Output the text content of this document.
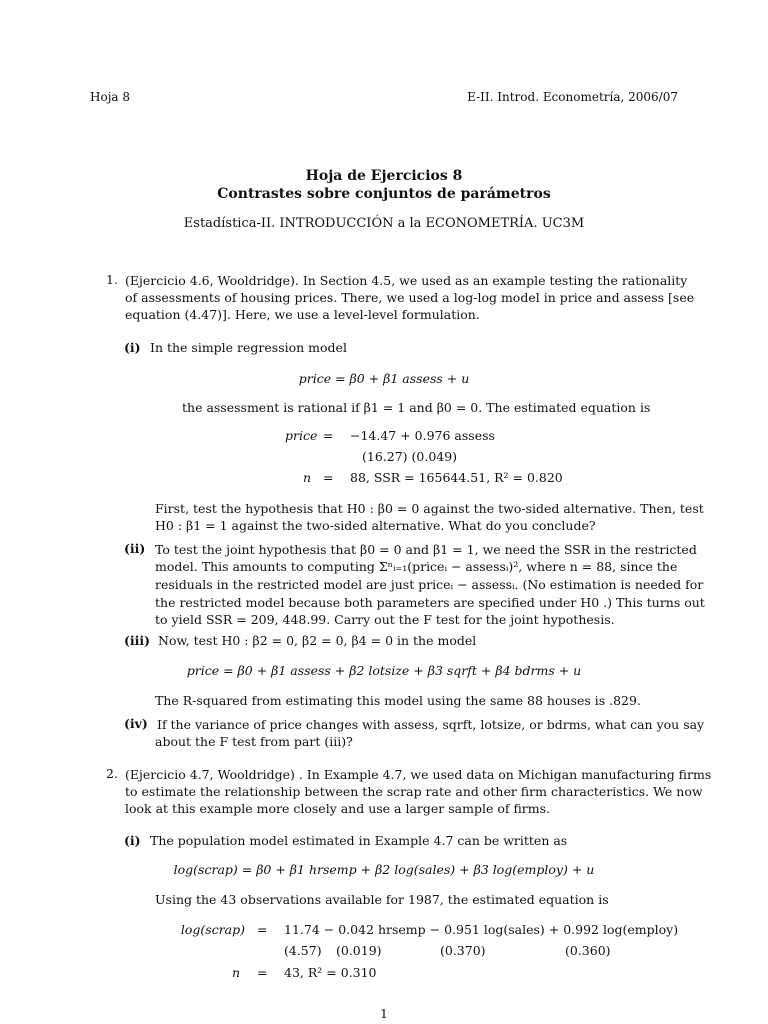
Hoja 8	E-II. Introd. Econometría, 2006/07
Hoja de Ejercicios 8
Contrastes sobre conjuntos de parámetros
Estadística-II. INTRODUCCIÓN a la ECONOMETRÍA. UC3M
1. (Ejercicio 4.6, Wooldridge). In Section 4.5, we used as an example testing the rationality
of assessments of housing prices. There, we used a log-log model in price and assess [see
equation (4.47)]. Here, we use a level-level formulation.
(i) In the simple regression model
price = β0 + β1 assess + u
the assessment is rational if β1 = 1 and β0 = 0. The estimated equation is
price = −14.47 + 0.976 assess
(16.27) (0.049)
n = 88, SSR = 165644.51, R² = 0.820
First, test the hypothesis that H0 : β0 = 0 against the two-sided alternative. Then, test
H0 : β1 = 1 against the two-sided alternative. What do you conclude?
(ii) To test the joint hypothesis that β0 = 0 and β1 = 1, we need the SSR in the restricted
model. This amounts to computing Σⁿᵢ₌₁(priceᵢ − assessᵢ)², where n = 88, since the
residuals in the restricted model are just priceᵢ − assessᵢ. (No estimation is needed for
the restricted model because both parameters are specified under H0 .) This turns out
to yield SSR = 209, 448.99. Carry out the F test for the joint hypothesis.
(iii) Now, test H0 : β2 = 0, β2 = 0, β4 = 0 in the model
price = β0 + β1 assess + β2 lotsize + β3 sqrft + β4 bdrms + u
The R-squared from estimating this model using the same 88 houses is .829.
(iv) If the variance of price changes with assess, sqrft, lotsize, or bdrms, what can you say
about the F test from part (iii)?
2. (Ejercicio 4.7, Wooldridge) . In Example 4.7, we used data on Michigan manufacturing firms
to estimate the relationship between the scrap rate and other firm characteristics. We now
look at this example more closely and use a larger sample of firms.
(i) The population model estimated in Example 4.7 can be written as
log(scrap) = β0 + β1 hrsemp + β2 log(sales) + β3 log(employ) + u
Using the 43 observations available for 1987, the estimated equation is
log(scrap) = 11.74 − 0.042 hrsemp − 0.951 log(sales) + 0.992 log(employ)
(4.57) (0.019)	(0.370)	(0.360)
n = 43, R² = 0.310
1
